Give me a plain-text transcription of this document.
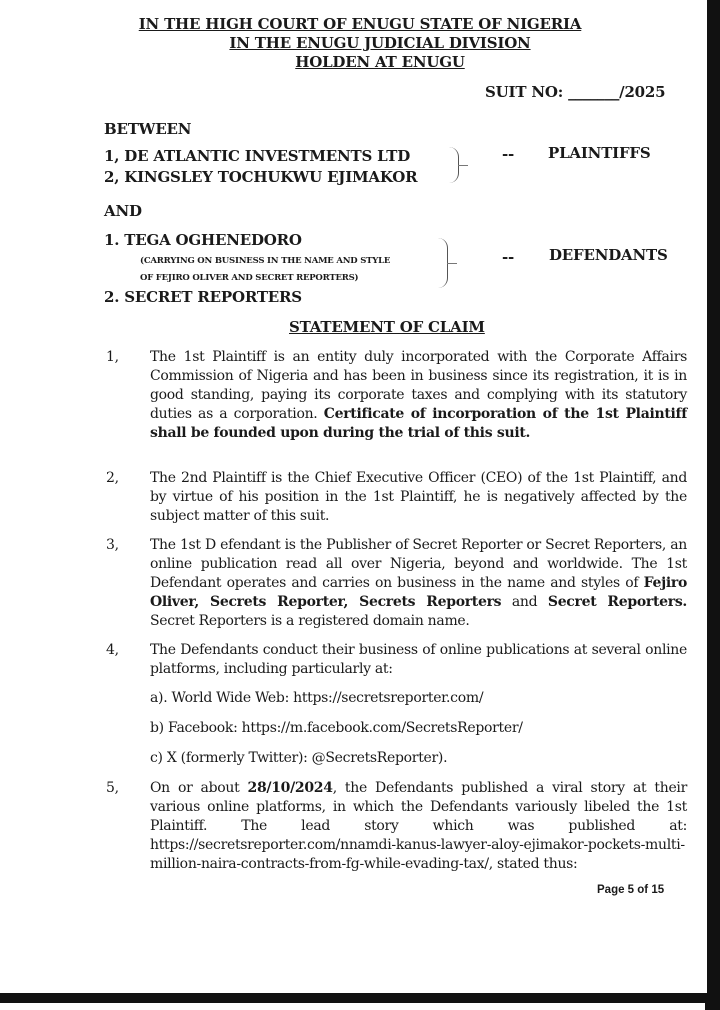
IN THE HIGH COURT OF ENUGU STATE OF NIGERIA
IN THE ENUGU JUDICIAL DIVISION
HOLDEN AT ENUGU
SUIT NO: _______/2025
BETWEEN
1, DE ATLANTIC INVESTMENTS LTD
2, KINGSLEY TOCHUKWU EJIMAKOR
-- PLAINTIFFS
AND
1. TEGA OGHENEDORO
(CARRYING ON BUSINESS IN THE NAME AND STYLE
OF FEJIRO OLIVER AND SECRET REPORTERS)
2. SECRET REPORTERS
-- DEFENDANTS
STATEMENT OF CLAIM
1, The 1st Plaintiff is an entity duly incorporated with the Corporate Affairs Commission of Nigeria and has been in business since its registration, it is in good standing, paying its corporate taxes and complying with its statutory duties as a corporation. Certificate of incorporation of the 1st Plaintiff shall be founded upon during the trial of this suit.
2, The 2nd Plaintiff is the Chief Executive Officer (CEO) of the 1st Plaintiff, and by virtue of his position in the 1st Plaintiff, he is negatively affected by the subject matter of this suit.
3, The 1st D efendant is the Publisher of Secret Reporter or Secret Reporters, an online publication read all over Nigeria, beyond and worldwide. The 1st Defendant operates and carries on business in the name and styles of Fejiro Oliver, Secrets Reporter, Secrets Reporters and Secret Reporters. Secret Reporters is a registered domain name.
4, The Defendants conduct their business of online publications at several online platforms, including particularly at:
a). World Wide Web: https://secretsreporter.com/
b) Facebook: https://m.facebook.com/SecretsReporter/
c) X (formerly Twitter): @SecretsReporter).
5, On or about 28/10/2024, the Defendants published a viral story at their various online platforms, in which the Defendants variously libeled the 1st Plaintiff. The lead story which was published at: https://secretsreporter.com/nnamdi-kanus-lawyer-aloy-ejimakor-pockets-multi-million-naira-contracts-from-fg-while-evading-tax/, stated thus:
Page 5 of 15
